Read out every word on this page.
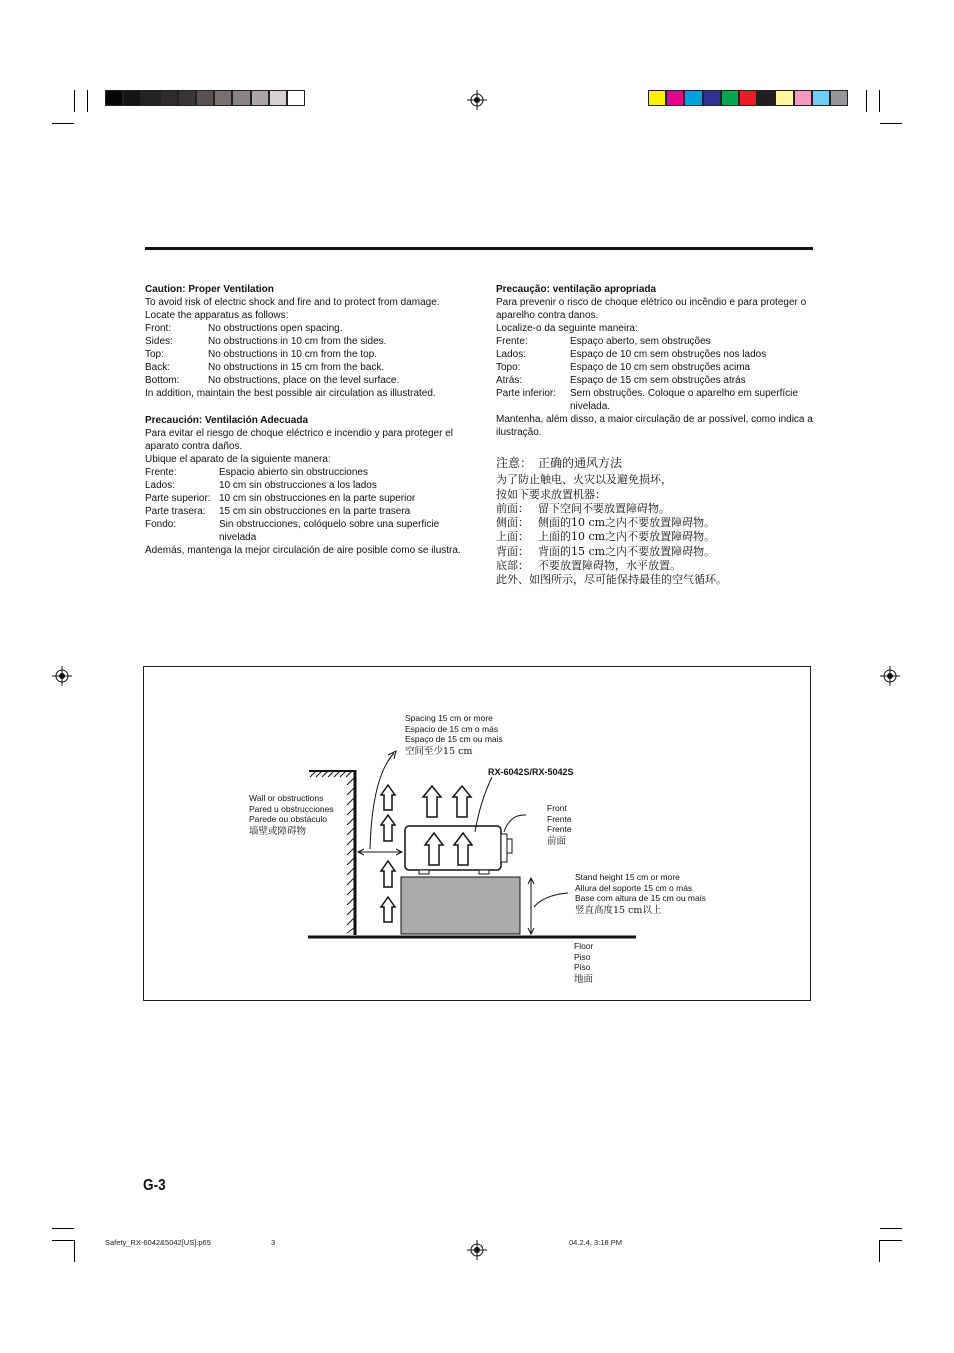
Caution: Proper Ventilation
To avoid risk of electric shock and fire and to protect from damage.
Locate the apparatus as follows:
Front:	No obstructions open spacing.
Sides:	No obstructions in 10 cm from the sides.
Top:	No obstructions in 10 cm from the top.
Back:	No obstructions in 15 cm from the back.
Bottom:	No obstructions, place on the level surface.
In addition, maintain the best possible air circulation as illustrated.
Precaución: Ventilación Adecuada
Para evitar el riesgo de choque eléctrico e incendio y para proteger el aparato contra daños.
Ubique el aparato de la siguiente manera:
Frente:	Espacio abierto sin obstrucciones
Lados:	10 cm sin obstrucciones a los lados
Parte superior: 10 cm sin obstrucciones en la parte superior
Parte trasera:	15 cm sin obstrucciones en la parte trasera
Fondo:	Sin obstrucciones, colóquelo sobre una superficie nivelada
Además, mantenga la mejor circulación de aire posible como se ilustra.
Precaução: ventilação apropriada
Para prevenir o risco de choque elétrico ou incêndio e para proteger o aparelho contra danos.
Localize-o da seguinte maneira:
Frente:	Espaço aberto, sem obstruções
Lados:	Espaço de 10 cm sem obstruções nos lados
Topo:	Espaço de 10 cm sem obstruções acima
Atrás:	Espaço de 15 cm sem obstruções atrás
Parte inferior:	Sem obstruções. Coloque o aparelho em superfície nivelada.
Mantenha, além disso, a maior circulação de ar possível, como indica a ilustração.
注意：　正确的通风方法
为了防止触电、火灾以及避免损坏，
按如下要求放置机器：
前面： 留下空间不要放置障碍物。
侧面： 侧面的10 cm之内不要放置障碍物。
上面： 上面的10 cm之内不要放置障碍物。
背面： 背面的15 cm之内不要放置障碍物。
底部： 不要放置障碍物，水平放置。
此外、如图所示，尽可能保持最佳的空气循环。
Spacing 15 cm or more
Espacio de 15 cm o más
Espaço de 15 cm ou mais
空间至少15 cm
RX-6042S/RX-5042S
Wall or obstructions
Pared u obstrucciones
Parede ou obstáculo
墙壁或障碍物
Front
Frente
Frente
前面
Stand height 15 cm or more
Allura del soporte 15 cm o más
Base com altura de 15 cm ou mais
竖直高度15 cm以上
Floor
Piso
Piso
地面
G-3
Safety_RX-6042&5042[US].p65	3	04.2.4, 3:18 PM
